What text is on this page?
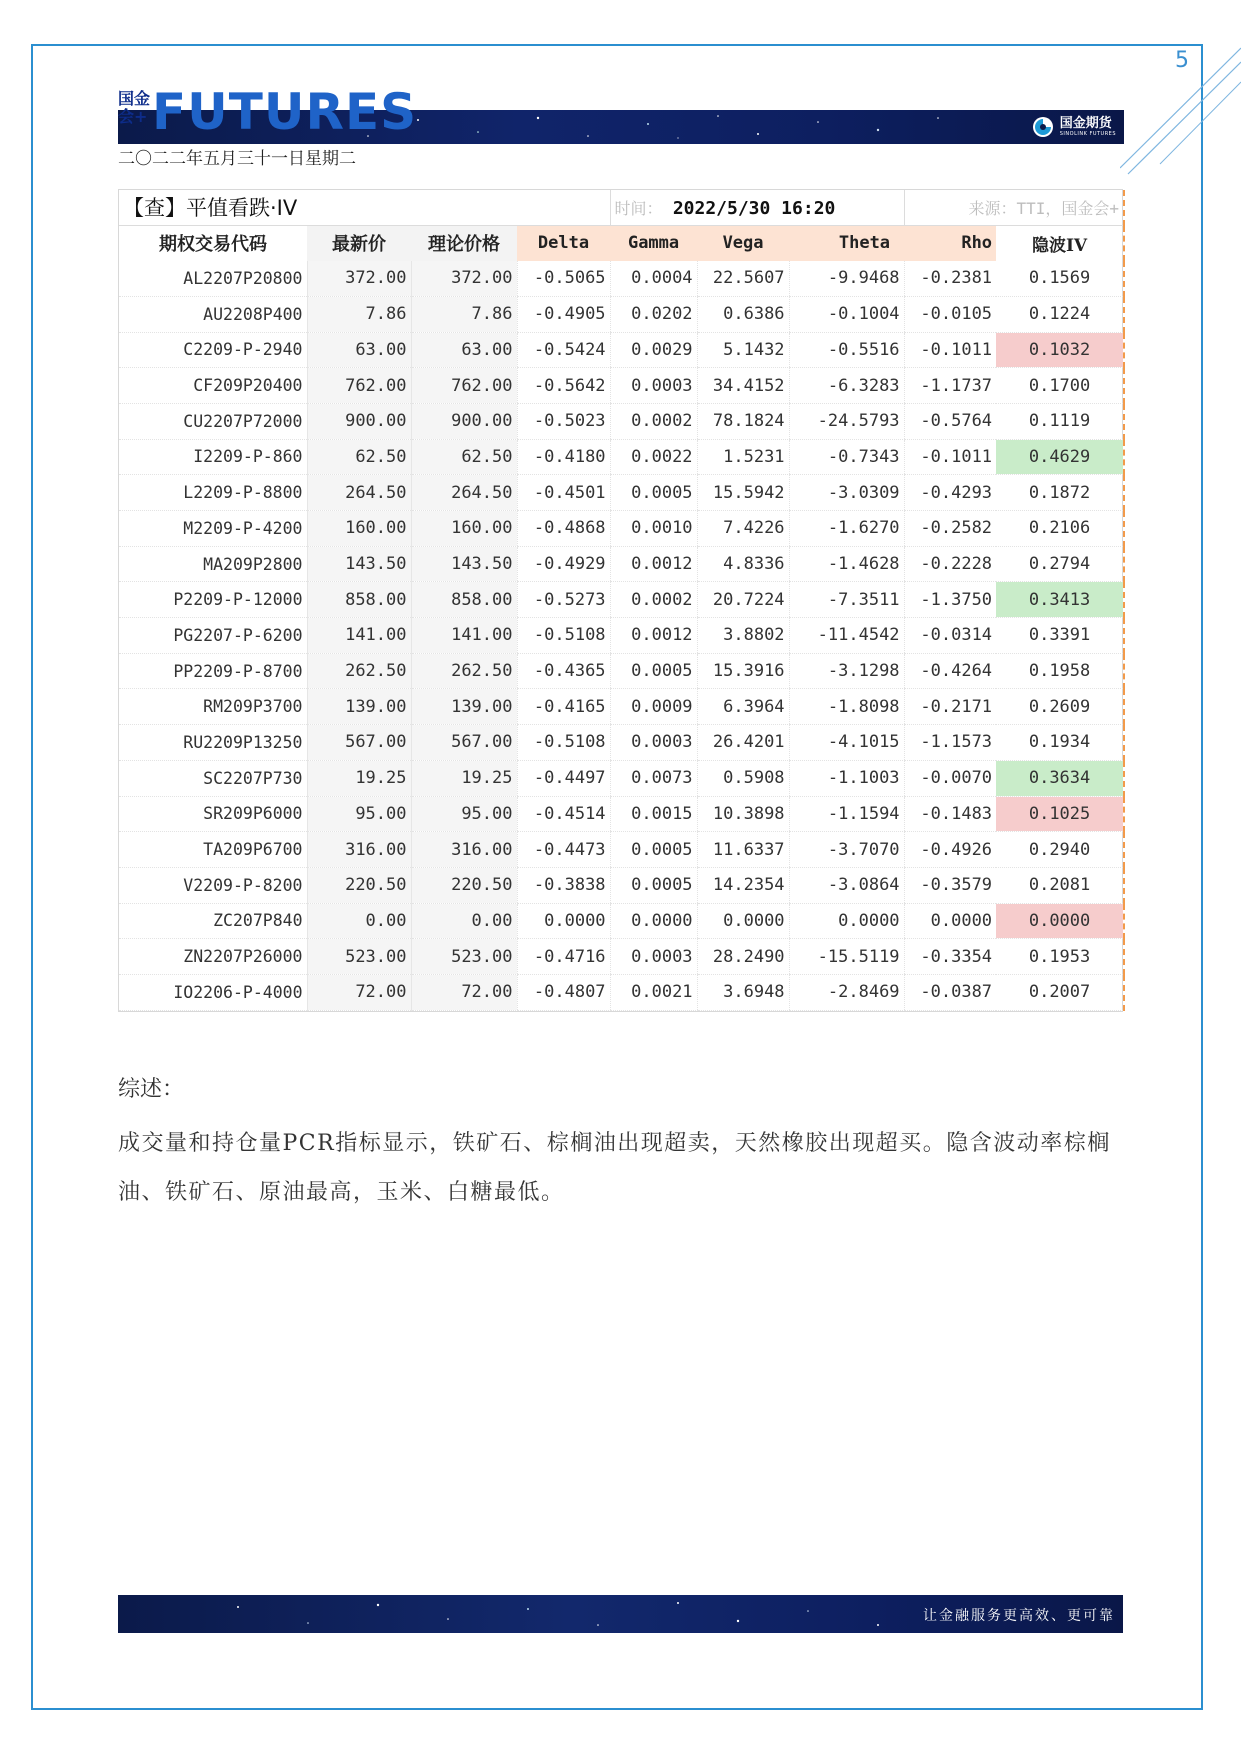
5
国金期货
SINOLINK FUTURES
国金会+ FUTURES
二〇二二年五月三十一日星期二
【查】平值看跌·IV				时间： 2022/5/30 16:20			来源：TTI，国金会+	
期权交易代码	最新价	理论价格	Delta	Gamma	Vega	Theta	Rho	隐波IV
AL2207P20800	372.00	372.00	-0.5065	0.0004	22.5607	-9.9468	-0.2381	0.1569
AU2208P400	7.86	7.86	-0.4905	0.0202	0.6386	-0.1004	-0.0105	0.1224
C2209-P-2940	63.00	63.00	-0.5424	0.0029	5.1432	-0.5516	-0.1011	0.1032
CF209P20400	762.00	762.00	-0.5642	0.0003	34.4152	-6.3283	-1.1737	0.1700
CU2207P72000	900.00	900.00	-0.5023	0.0002	78.1824	-24.5793	-0.5764	0.1119
I2209-P-860	62.50	62.50	-0.4180	0.0022	1.5231	-0.7343	-0.1011	0.4629
L2209-P-8800	264.50	264.50	-0.4501	0.0005	15.5942	-3.0309	-0.4293	0.1872
M2209-P-4200	160.00	160.00	-0.4868	0.0010	7.4226	-1.6270	-0.2582	0.2106
MA209P2800	143.50	143.50	-0.4929	0.0012	4.8336	-1.4628	-0.2228	0.2794
P2209-P-12000	858.00	858.00	-0.5273	0.0002	20.7224	-7.3511	-1.3750	0.3413
PG2207-P-6200	141.00	141.00	-0.5108	0.0012	3.8802	-11.4542	-0.0314	0.3391
PP2209-P-8700	262.50	262.50	-0.4365	0.0005	15.3916	-3.1298	-0.4264	0.1958
RM209P3700	139.00	139.00	-0.4165	0.0009	6.3964	-1.8098	-0.2171	0.2609
RU2209P13250	567.00	567.00	-0.5108	0.0003	26.4201	-4.1015	-1.1573	0.1934
SC2207P730	19.25	19.25	-0.4497	0.0073	0.5908	-1.1003	-0.0070	0.3634
SR209P6000	95.00	95.00	-0.4514	0.0015	10.3898	-1.1594	-0.1483	0.1025
TA209P6700	316.00	316.00	-0.4473	0.0005	11.6337	-3.7070	-0.4926	0.2940
V2209-P-8200	220.50	220.50	-0.3838	0.0005	14.2354	-3.0864	-0.3579	0.2081
ZC207P840	0.00	0.00	0.0000	0.0000	0.0000	0.0000	0.0000	0.0000
ZN2207P26000	523.00	523.00	-0.4716	0.0003	28.2490	-15.5119	-0.3354	0.1953
IO2206-P-4000	72.00	72.00	-0.4807	0.0021	3.6948	-2.8469	-0.0387	0.2007
综述：
成交量和持仓量PCR指标显示，铁矿石、棕榈油出现超卖，天然橡胶出现超买。隐含波动率棕榈油、铁矿石、原油最高，玉米、白糖最低。
让金融服务更高效、更可靠
